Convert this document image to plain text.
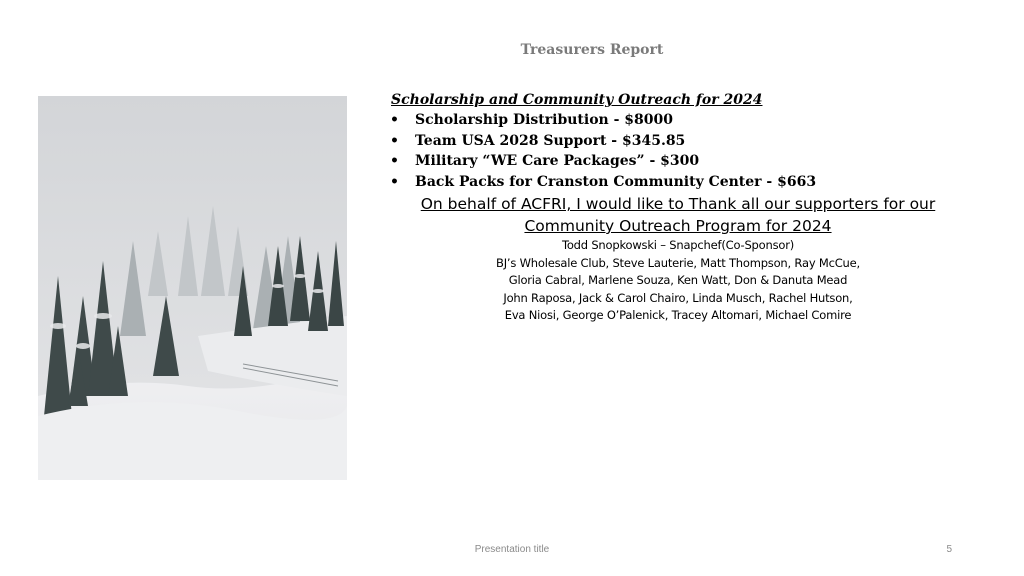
Treasurers Report
Scholarship and Community Outreach for 2024
• Scholarship Distribution - $8000
• Team USA 2028 Support - $345.85
• Military “WE Care Packages” - $300
• Back Packs for Cranston Community Center - $663
On behalf of ACFRI, I would like to Thank all our supporters for our
Community Outreach Program for 2024
Todd Snopkowski – Snapchef(Co-Sponsor)
BJ’s Wholesale Club, Steve Lauterie, Matt Thompson, Ray McCue,
Gloria Cabral, Marlene Souza, Ken Watt, Don & Danuta Mead
John Raposa, Jack & Carol Chairo, Linda Musch, Rachel Hutson,
Eva Niosi, George O’Palenick, Tracey Altomari, Michael Comire
Presentation title	5
